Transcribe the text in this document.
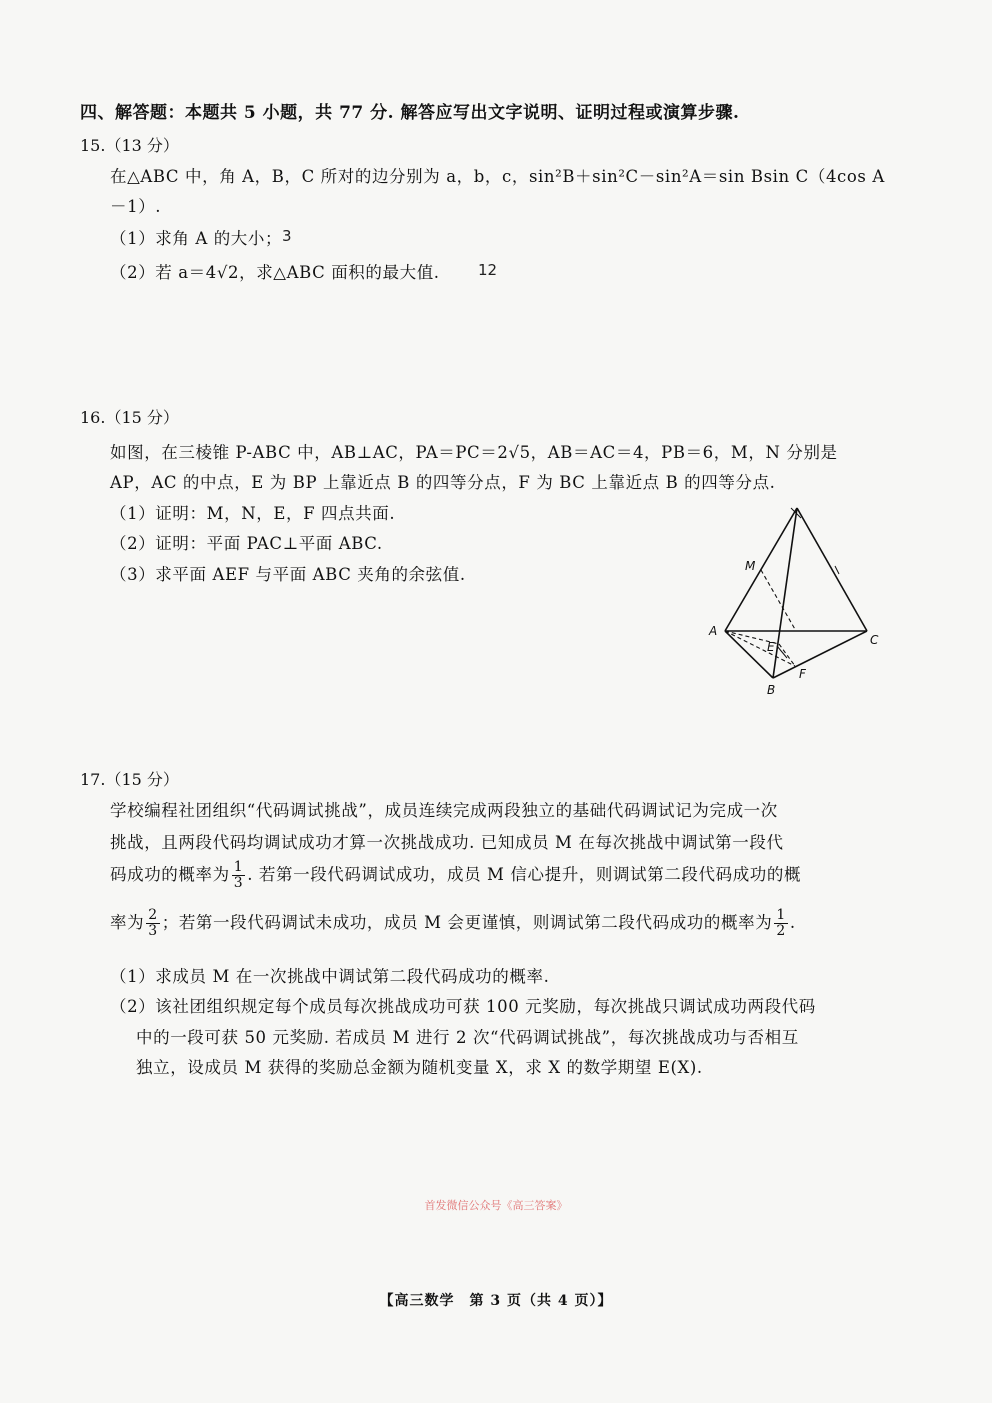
四、解答题：本题共 5 小题，共 77 分. 解答应写出文字说明、证明过程或演算步骤.
15.（13 分）
在△ABC 中，角 A，B，C 所对的边分别为 a，b，c，sin²B＋sin²C－sin²A＝sin Bsin C（4cos A
－1）.
（1）求角 A 的大小； 3
（2）若 a＝4√2，求△ABC 面积的最大值.	12
16.（15 分）
如图，在三棱锥 P-ABC 中，AB⊥AC，PA＝PC＝2√5，AB＝AC＝4，PB＝6，M，N 分别是
AP，AC 的中点，E 为 BP 上靠近点 B 的四等分点，F 为 BC 上靠近点 B 的四等分点.
（1）证明：M，N，E，F 四点共面.
（2）证明：平面 PAC⊥平面 ABC.
（3）求平面 AEF 与平面 ABC 夹角的余弦值.
A
C
B
M
E
F
17.（15 分）
学校编程社团组织“代码调试挑战”，成员连续完成两段独立的基础代码调试记为完成一次
挑战，且两段代码均调试成功才算一次挑战成功. 已知成员 M 在每次挑战中调试第一段代
码成功的概率为 $\frac{1}{3}$ . 若第一段代码调试成功，成员 M 信心提升，则调试第二段代码成功的概
率为 $\frac{2}{3}$ ；若第一段代码调试未成功，成员 M 会更谨慎，则调试第二段代码成功的概率为 $\frac{1}{2}$ .
（1）求成员 M 在一次挑战中调试第二段代码成功的概率.
（2）该社团组织规定每个成员每次挑战成功可获 100 元奖励，每次挑战只调试成功两段代码
中的一段可获 50 元奖励. 若成员 M 进行 2 次“代码调试挑战”，每次挑战成功与否相互
独立，设成员 M 获得的奖励总金额为随机变量 X，求 X 的数学期望 E(X).
首发微信公众号《高三答案》
【高三数学　第 3 页（共 4 页）】
